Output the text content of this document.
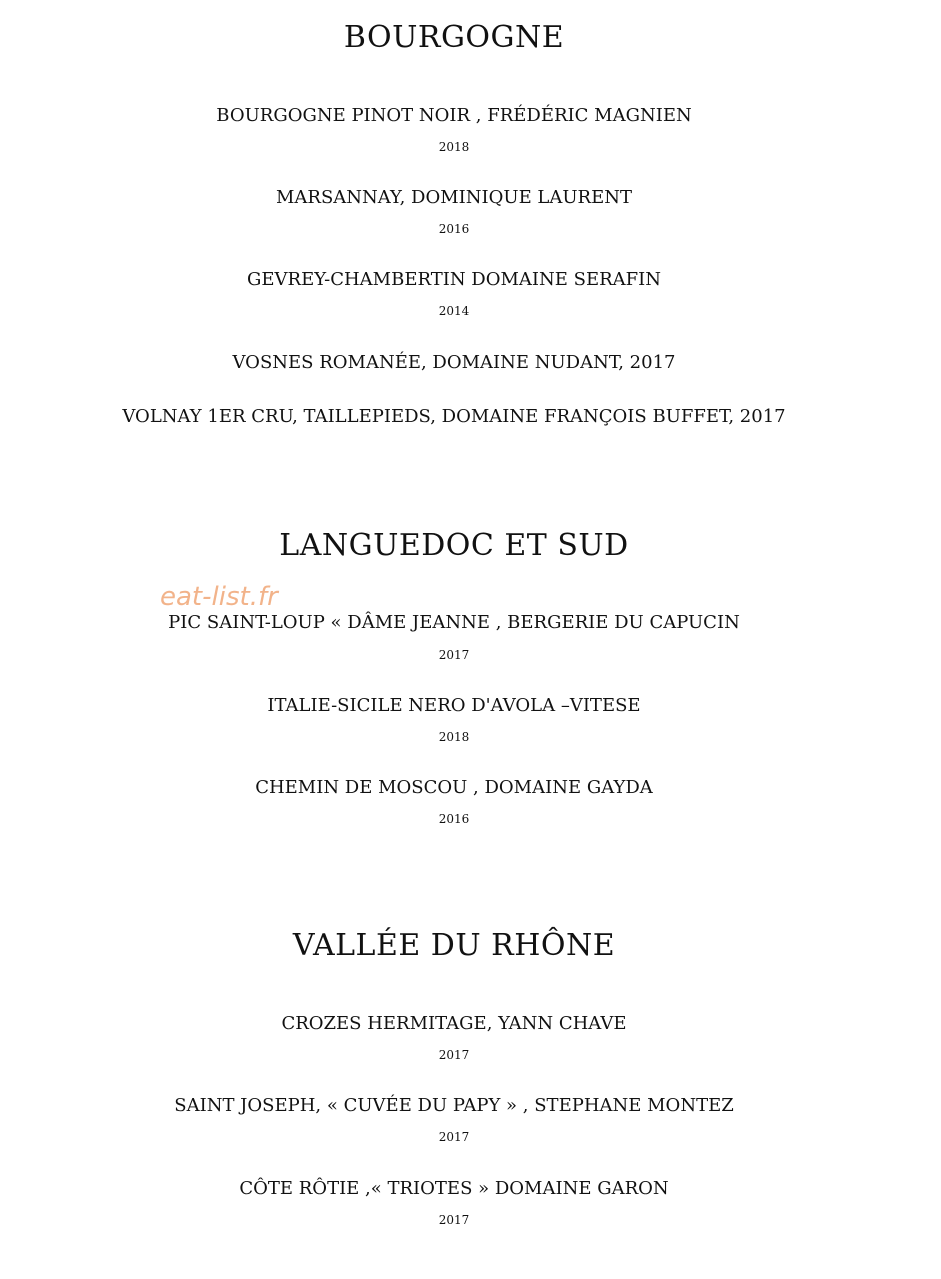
BOURGOGNE
BOURGOGNE PINOT NOIR , FRÉDÉRIC MAGNIEN
2018
MARSANNAY, DOMINIQUE LAURENT
2016
GEVREY-CHAMBERTIN DOMAINE SERAFIN
2014
VOSNES ROMANÉE, DOMAINE NUDANT, 2017
VOLNAY 1ER CRU, TAILLEPIEDS, DOMAINE FRANÇOIS BUFFET, 2017
LANGUEDOC ET SUD
eat-list.fr
PIC SAINT-LOUP « DÂME JEANNE , BERGERIE DU CAPUCIN
2017
ITALIE-SICILE NERO D'AVOLA –VITESE
2018
CHEMIN DE MOSCOU , DOMAINE GAYDA
2016
VALLÉE DU RHÔNE
CROZES HERMITAGE, YANN CHAVE
2017
SAINT JOSEPH, « CUVÉE DU PAPY » , STEPHANE MONTEZ
2017
CÔTE RÔTIE ,« TRIOTES » DOMAINE GARON
2017
